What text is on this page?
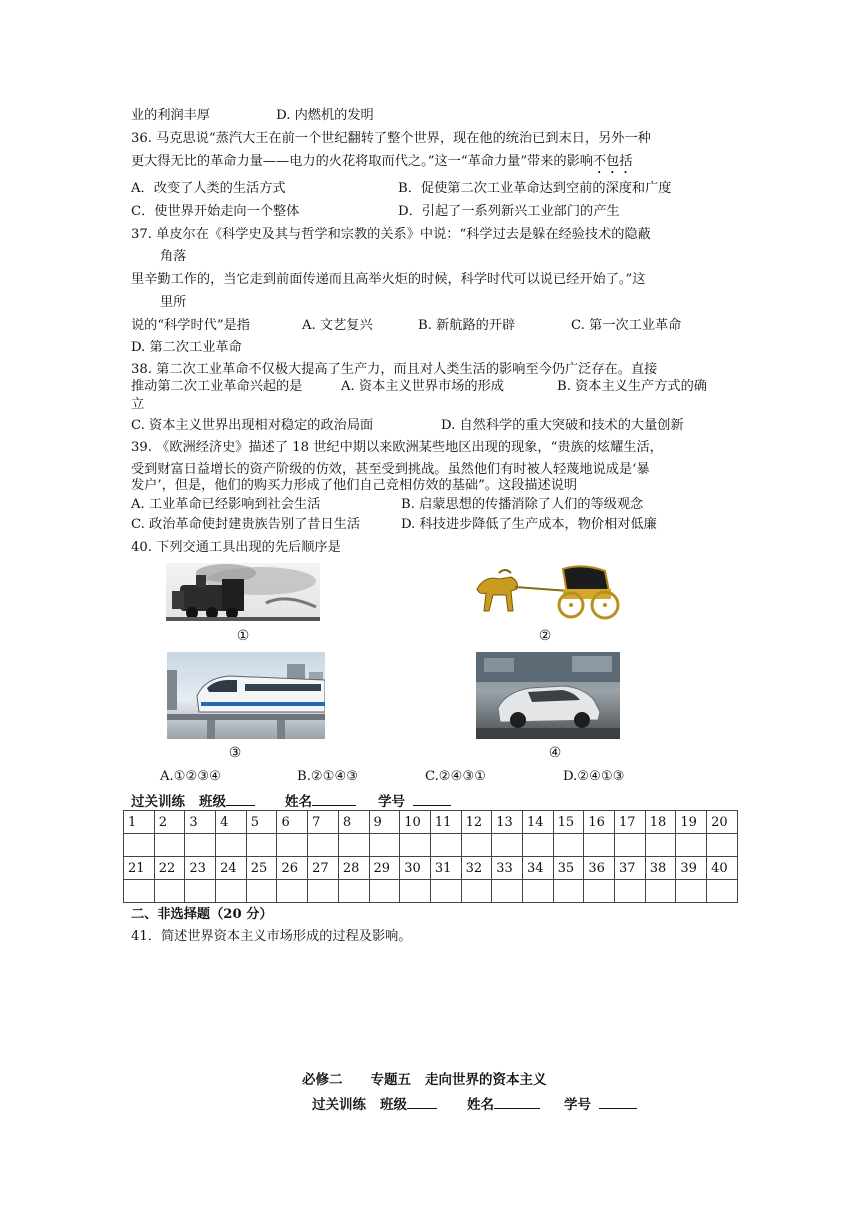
业的利润丰厚	D. 内燃机的发明
36. 马克思说“蒸汽大王在前一个世纪翻转了整个世界，现在他的统治已到末日，另外一种
更大得无比的革命力量——电力的火花将取而代之。”这一“革命力量”带来的影响不包括
A．改变了人类的生活方式	B．促使第二次工业革命达到空前的深度和广度
C．使世界开始走向一个整体	D．引起了一系列新兴工业部门的产生
37. 单皮尔在《科学史及其与哲学和宗教的关系》中说：“科学过去是躲在经验技术的隐蔽
角落
里辛勤工作的，当它走到前面传递而且高举火炬的时候，科学时代可以说已经开始了。”这
里所
说的“科学时代”是指	A. 文艺复兴	B. 新航路的开辟	C. 第一次工业革命
D. 第二次工业革命
38. 第二次工业革命不仅极大提高了生产力，而且对人类生活的影响至今仍广泛存在。直接
推动第二次工业革命兴起的是	A. 资本主义世界市场的形成	B. 资本主义生产方式的确
立
C. 资本主义世界出现相对稳定的政治局面	D. 自然科学的重大突破和技术的大量创新
39. 《欧洲经济史》描述了 18 世纪中期以来欧洲某些地区出现的现象，“贵族的炫耀生活，
受到财富日益增长的资产阶级的仿效，甚至受到挑战。虽然他们有时被人轻蔑地说成是‘暴
发户’，但是，他们的购买力形成了他们自己竞相仿效的基础”。这段描述说明
A. 工业革命已经影响到社会生活	B. 启蒙思想的传播消除了人们的等级观念
C. 政治革命使封建贵族告别了昔日生活	D. 科技进步降低了生产成本，物价相对低廉
40. 下列交通工具出现的先后顺序是
①	②
③	④
A.①②③④	B.②①④③	C.②④③①	D.②④①③
过关训练 班级	姓名	学号
1	2	3	4	5	6	7	8	9	10	11	12	13	14	15	16	17	18	19	20

21	22	23	24	25	26	27	28	29	30	31	32	33	34	35	36	37	38	39	40

二、非选择题（20 分）
41．简述世界资本主义市场形成的过程及影响。
必修二 专题五 走向世界的资本主义
过关训练 班级	姓名	学号
